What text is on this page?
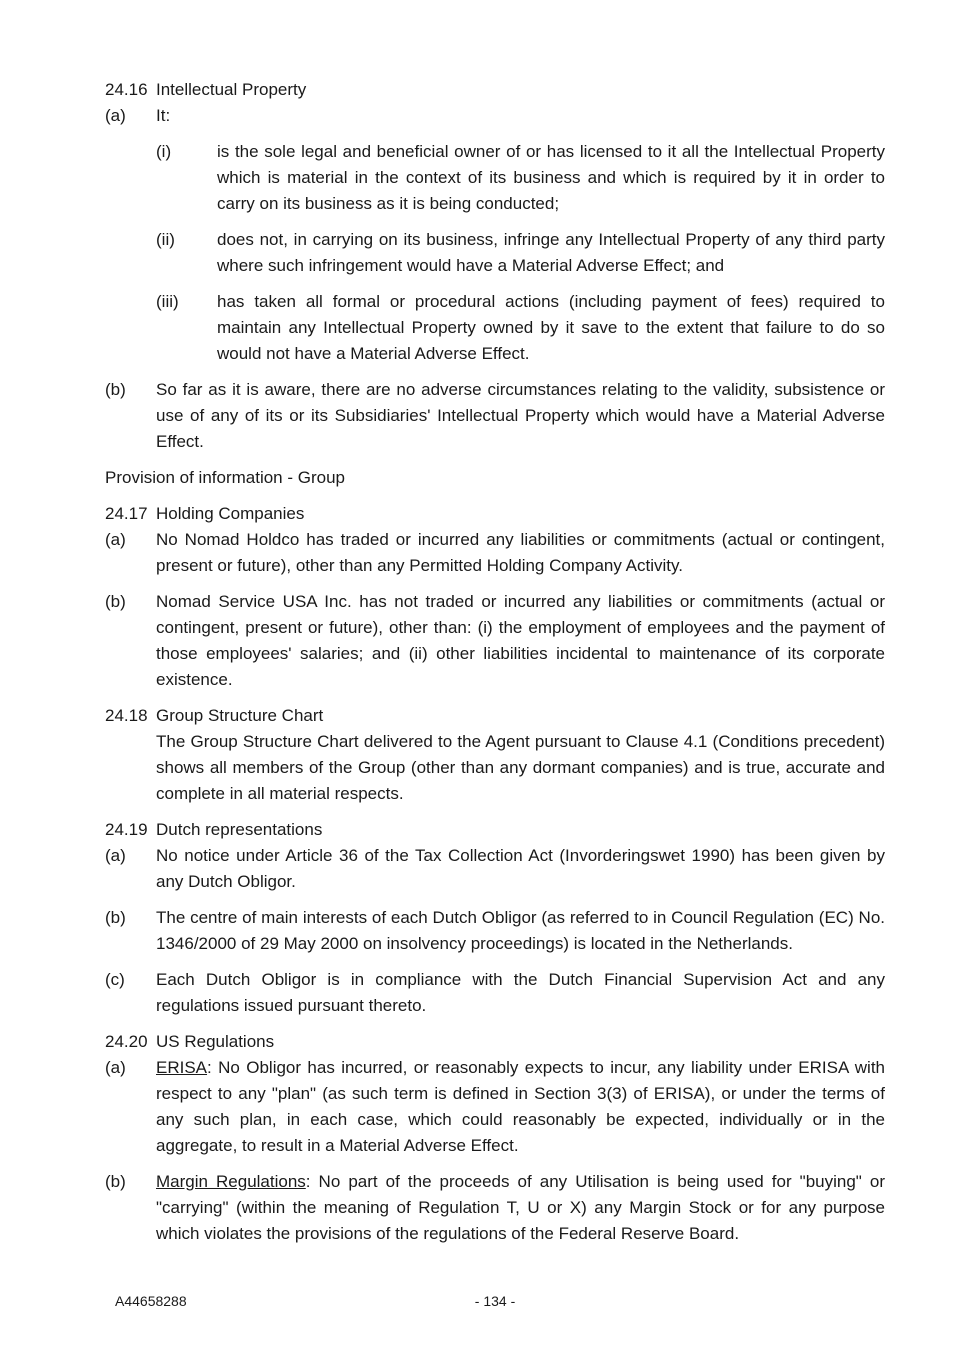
24.16 Intellectual Property
(a) It:
(i)	is the sole legal and beneficial owner of or has licensed to it all the Intellectual Property which is material in the context of its business and which is required by it in order to carry on its business as it is being conducted;
(ii) does not, in carrying on its business, infringe any Intellectual Property of any third party where such infringement would have a Material Adverse Effect; and
(iii) has taken all formal or procedural actions (including payment of fees) required to maintain any Intellectual Property owned by it save to the extent that failure to do so would not have a Material Adverse Effect.
(b) So far as it is aware, there are no adverse circumstances relating to the validity, subsistence or use of any of its or its Subsidiaries' Intellectual Property which would have a Material Adverse Effect.
Provision of information - Group
24.17 Holding Companies
(a) No Nomad Holdco has traded or incurred any liabilities or commitments (actual or contingent, present or future), other than any Permitted Holding Company Activity.
(b) Nomad Service USA Inc. has not traded or incurred any liabilities or commitments (actual or contingent, present or future), other than: (i) the employment of employees and the payment of those employees' salaries; and (ii) other liabilities incidental to maintenance of its corporate existence.
24.18 Group Structure Chart
The Group Structure Chart delivered to the Agent pursuant to Clause 4.1 (Conditions precedent) shows all members of the Group (other than any dormant companies) and is true, accurate and complete in all material respects.
24.19 Dutch representations
(a) No notice under Article 36 of the Tax Collection Act (Invorderingswet 1990) has been given by any Dutch Obligor.
(b) The centre of main interests of each Dutch Obligor (as referred to in Council Regulation (EC) No. 1346/2000 of 29 May 2000 on insolvency proceedings) is located in the Netherlands.
(c) Each Dutch Obligor is in compliance with the Dutch Financial Supervision Act and any regulations issued pursuant thereto.
24.20 US Regulations
(a) ERISA: No Obligor has incurred, or reasonably expects to incur, any liability under ERISA with respect to any "plan" (as such term is defined in Section 3(3) of ERISA), or under the terms of any such plan, in each case, which could reasonably be expected, individually or in the aggregate, to result in a Material Adverse Effect.
(b) Margin Regulations: No part of the proceeds of any Utilisation is being used for "buying" or "carrying" (within the meaning of Regulation T, U or X) any Margin Stock or for any purpose which violates the provisions of the regulations of the Federal Reserve Board.
A44658288	- 134 -
